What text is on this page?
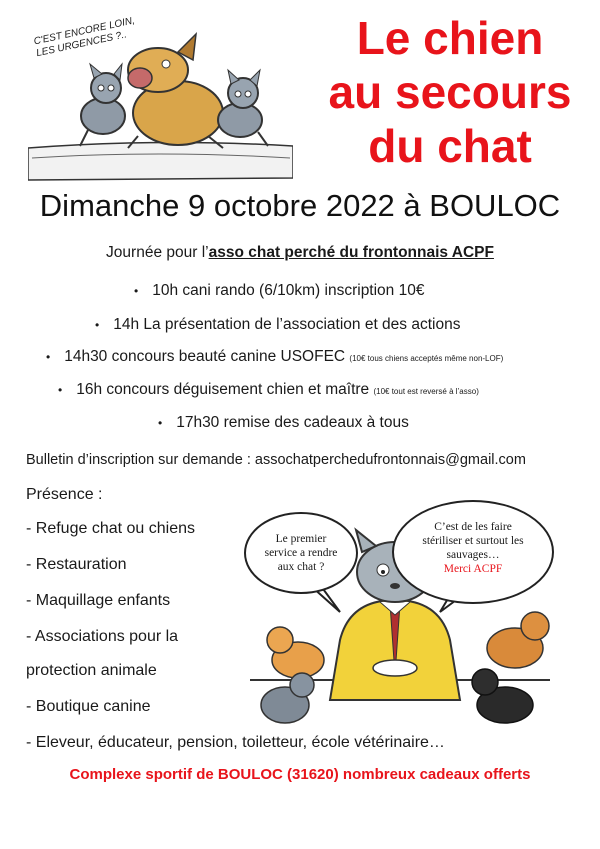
C'EST ENCORE LOIN, LES URGENCES ?..	Le chien
au secours
du chat
Dimanche 9 octobre 2022 à BOULOC
Journée pour l’asso chat perché du frontonnais ACPF
• 10h cani rando (6/10km) inscription 10€
• 14h La présentation de l’association et des actions
• 14h30 concours beauté canine USOFEC (10€ tous chiens acceptés même non-LOF)
• 16h concours déguisement chien et maître (10€ tout est reversé à l’asso)
• 17h30 remise des cadeaux à tous
Bulletin d’inscription sur demande : assochatperchedufrontonnais@gmail.com
Présence :
- Refuge chat ou chiens
- Restauration
- Maquillage enfants
- Associations pour la
protection animale
- Boutique canine
- Eleveur, éducateur, pension, toiletteur, école vétérinaire…
Le premier service a rendre aux chat ?
C’est de les faire stériliser et surtout les sauvages…
Merci ACPF
Complexe sportif de BOULOC (31620) nombreux cadeaux offerts
